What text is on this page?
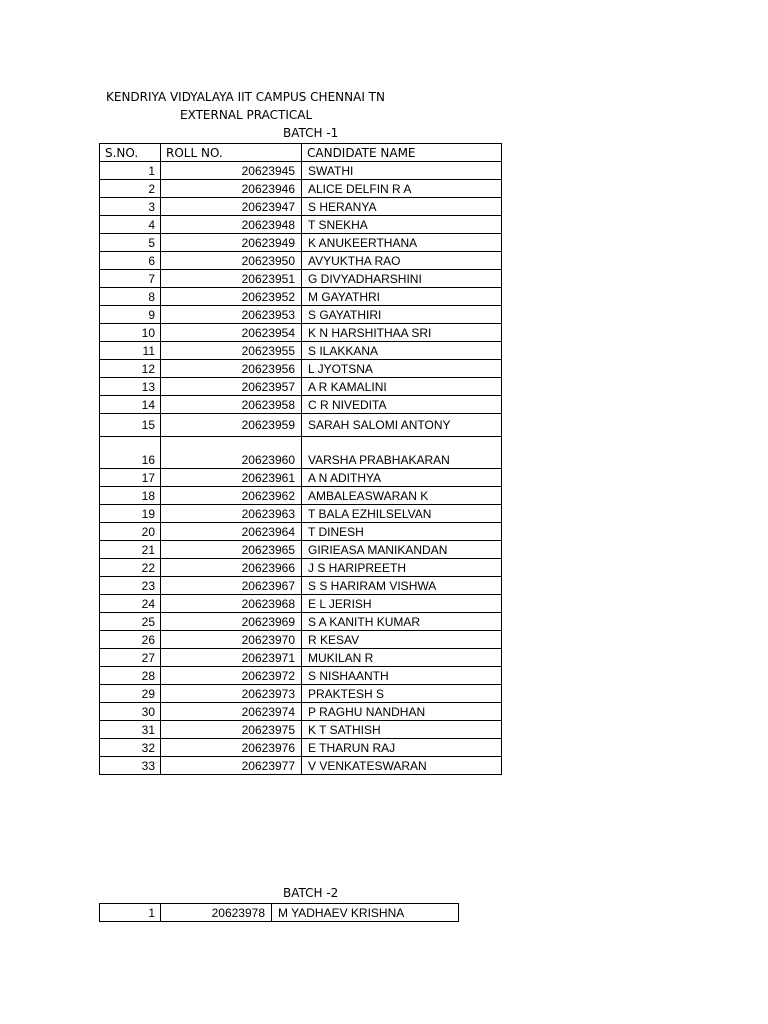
KENDRIYA VIDYALAYA IIT CAMPUS CHENNAI TN
EXTERNAL PRACTICAL
BATCH -1
S.NO.	ROLL NO.	CANDIDATE NAME
1	20623945	SWATHI
2	20623946	ALICE DELFIN R A
3	20623947	S HERANYA
4	20623948	T SNEKHA
5	20623949	K ANUKEERTHANA
6	20623950	AVYUKTHA RAO
7	20623951	G DIVYADHARSHINI
8	20623952	M GAYATHRI
9	20623953	S GAYATHIRI
10	20623954	K N HARSHITHAA SRI
11	20623955	S ILAKKANA
12	20623956	L JYOTSNA
13	20623957	A R KAMALINI
14	20623958	C R NIVEDITA
15	20623959	SARAH SALOMI ANTONY
16	20623960	VARSHA PRABHAKARAN
17	20623961	A N ADITHYA
18	20623962	AMBALEASWARAN K
19	20623963	T BALA EZHILSELVAN
20	20623964	T DINESH
21	20623965	GIRIEASA MANIKANDAN
22	20623966	J S HARIPREETH
23	20623967	S S HARIRAM VISHWA
24	20623968	E L JERISH
25	20623969	S A KANITH KUMAR
26	20623970	R KESAV
27	20623971	MUKILAN R
28	20623972	S NISHAANTH
29	20623973	PRAKTESH S
30	20623974	P RAGHU NANDHAN
31	20623975	K T SATHISH
32	20623976	E THARUN RAJ
33	20623977	V VENKATESWARAN
BATCH -2
1	20623978	M YADHAEV KRISHNA
